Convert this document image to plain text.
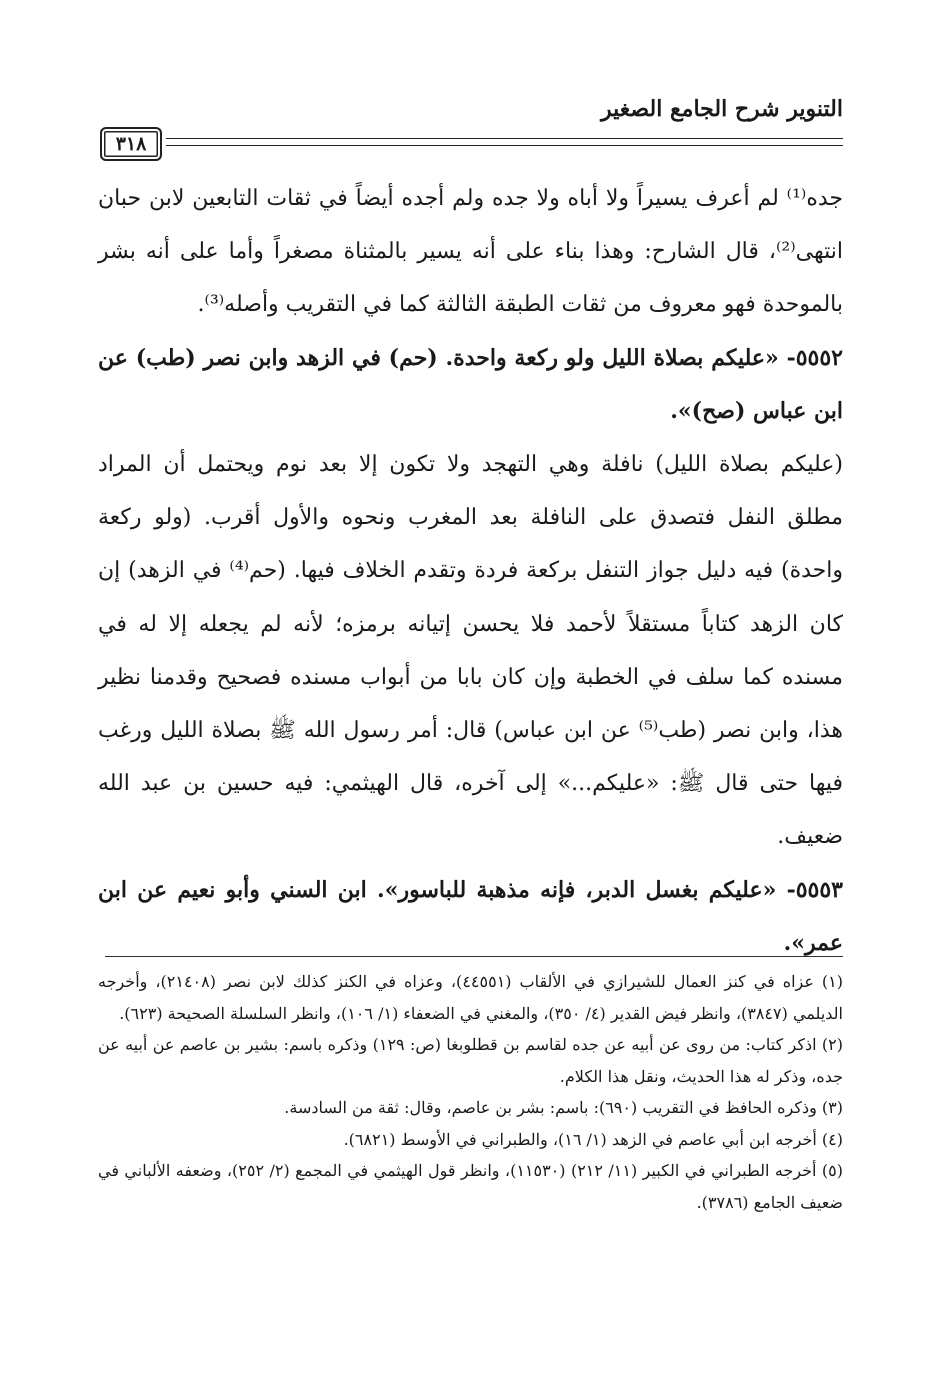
التنوير شرح الجامع الصغير
٣١٨

جده⁽¹⁾ لم أعرف يسيراً ولا أباه ولا جده ولم أجده أيضاً في ثقات التابعين لابن حبان انتهى⁽²⁾، قال الشارح: وهذا بناء على أنه يسير بالمثناة مصغراً وأما على أنه بشر بالموحدة فهو معروف من ثقات الطبقة الثالثة كما في التقريب وأصله⁽³⁾.

٥٥٥٢- «عليكم بصلاة الليل ولو ركعة واحدة. (حم) في الزهد وابن نصر (طب) عن ابن عباس (صح)».

(عليكم بصلاة الليل) نافلة وهي التهجد ولا تكون إلا بعد نوم ويحتمل أن المراد مطلق النفل فتصدق على النافلة بعد المغرب ونحوه والأول أقرب. (ولو ركعة واحدة) فيه دليل جواز التنفل بركعة فردة وتقدم الخلاف فيها. (حم⁽⁴⁾ في الزهد) إن كان الزهد كتاباً مستقلاً لأحمد فلا يحسن إتيانه برمزه؛ لأنه لم يجعله إلا له في مسنده كما سلف في الخطبة وإن كان بابا من أبواب مسنده فصحيح وقدمنا نظير هذا، وابن نصر (طب⁽⁵⁾ عن ابن عباس) قال: أمر رسول الله ﷺ بصلاة الليل ورغب فيها حتى قال ﷺ: «عليكم...» إلى آخره، قال الهيثمي: فيه حسين بن عبد الله ضعيف.

٥٥٥٣- «عليكم بغسل الدبر، فإنه مذهبة للباسور». ابن السني وأبو نعيم عن ابن عمر».

(١) عزاه في كنز العمال للشيرازي في الألقاب (٤٤٥٥١)، وعزاه في الكنز كذلك لابن نصر (٢١٤٠٨)، وأخرجه الديلمي (٣٨٤٧)، وانظر فيض القدير (٤/ ٣٥٠)، والمغني في الضعفاء (١/ ١٠٦)، وانظر السلسلة الصحيحة (٦٢٣).

(٢) اذكر كتاب: من روى عن أبيه عن جده لقاسم بن قطلوبغا (ص: ١٢٩) وذكره باسم: بشير بن عاصم عن أبيه عن جده، وذكر له هذا الحديث، ونقل هذا الكلام.

(٣) وذكره الحافظ في التقريب (٦٩٠): باسم: بشر بن عاصم، وقال: ثقة من السادسة.

(٤) أخرجه ابن أبي عاصم في الزهد (١/ ١٦)، والطبراني في الأوسط (٦٨٢١).

(٥) أخرجه الطبراني في الكبير (١١/ ٢١٢) (١١٥٣٠)، وانظر قول الهيثمي في المجمع (٢/ ٢٥٢)، وضعفه الألباني في ضعيف الجامع (٣٧٨٦).
